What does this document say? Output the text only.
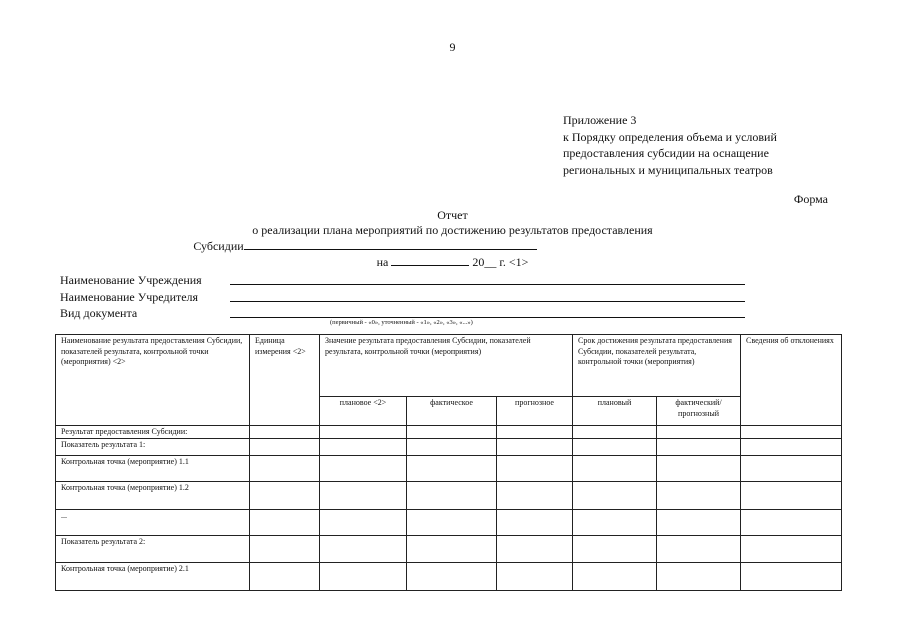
9
Приложение 3
к Порядку определения объема и условий
предоставления субсидии на оснащение
региональных и муниципальных театров
Форма
Отчет
о реализации плана мероприятий по достижению результатов предоставления
Субсидии
на	20__ г. <1>
Наименование Учреждения
Наименование Учредителя
Вид документа
(первичный - «0», уточненный - «1», «2», «3», «...»)
Наименование результата предоставления Субсидии, показателей результата, контрольной точки (мероприятия) <2>	Единица измерения <2>	Значение результата предоставления Субсидии, показателей результата, контрольной точки (мероприятия)			Срок достижения результата предоставления Субсидии, показателей результата, контрольной точки (мероприятия)		Сведения об отклонениях
		плановое <2>	фактическое	прогнозное	плановый	фактический/ прогнозный	
Результат предоставления Субсидии:							
Показатель результата 1:							
Контрольная точка (мероприятие) 1.1							
Контрольная точка (мероприятие) 1.2							
...							
Показатель результата 2:							
Контрольная точка (мероприятие) 2.1							
